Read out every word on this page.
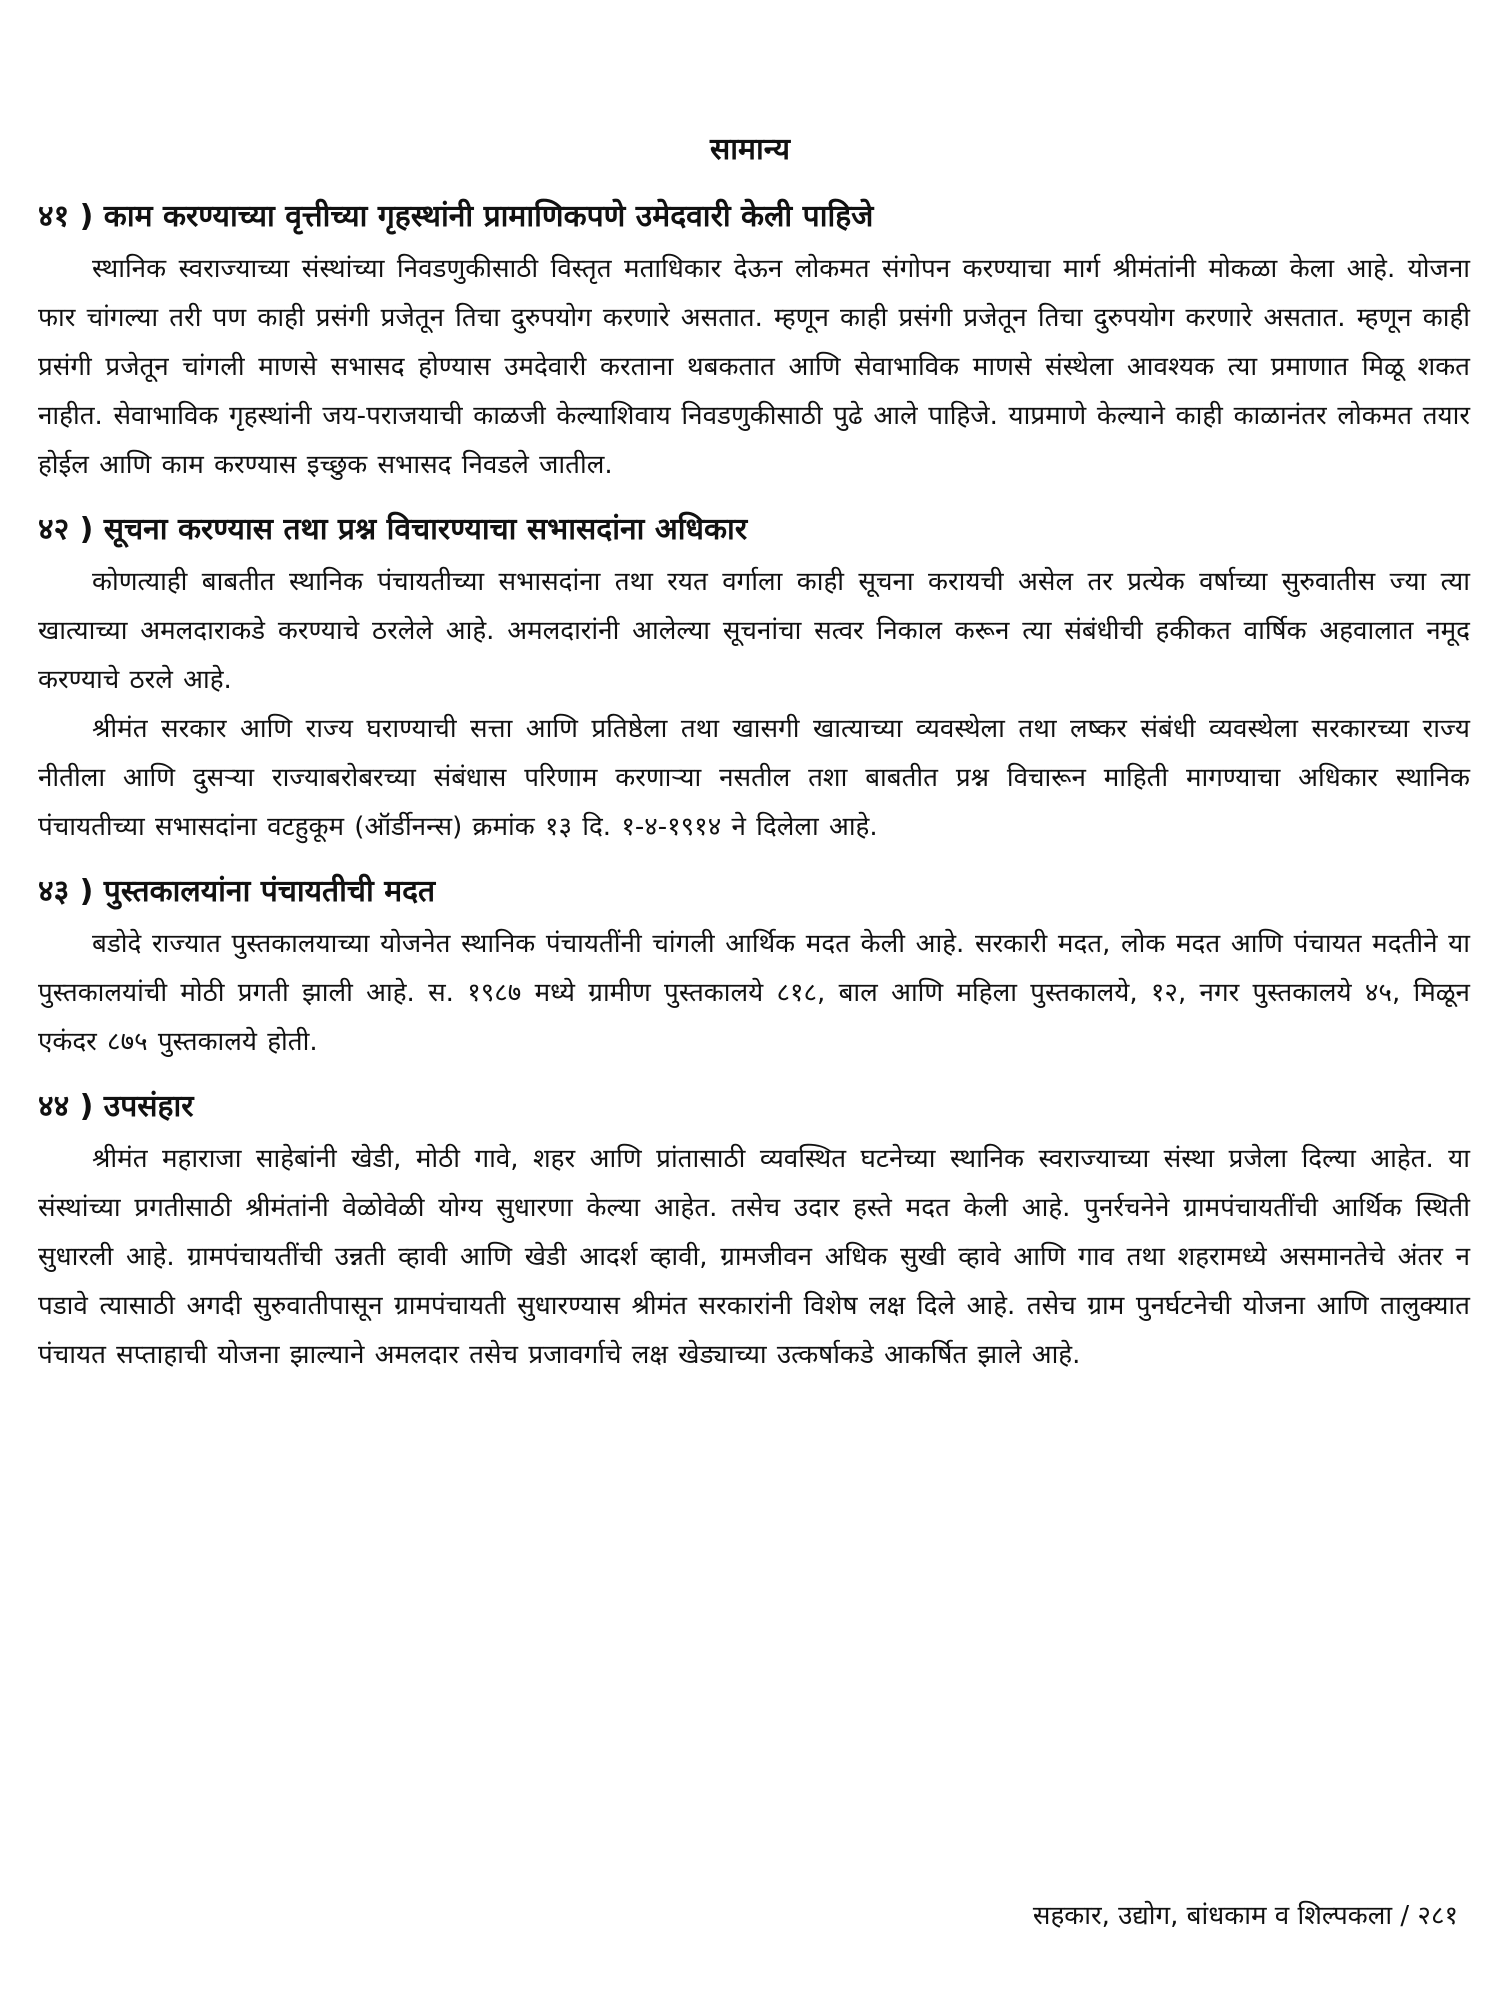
सामान्य
४१ ) काम करण्याच्या वृत्तीच्या गृहस्थांनी प्रामाणिकपणे उमेदवारी केली पाहिजे

स्थानिक स्वराज्याच्या संस्थांच्या निवडणुकीसाठी विस्तृत मताधिकार देऊन लोकमत संगोपन करण्याचा मार्ग श्रीमंतांनी मोकळा केला आहे. योजना फार चांगल्या तरी पण काही प्रसंगी प्रजेतून तिचा दुरुपयोग करणारे असतात. म्हणून काही प्रसंगी प्रजेतून तिचा दुरुपयोग करणारे असतात. म्हणून काही प्रसंगी प्रजेतून चांगली माणसे सभासद होण्यास उमदेवारी करताना थबकतात आणि सेवाभाविक माणसे संस्थेला आवश्यक त्या प्रमाणात मिळू शकत नाहीत. सेवाभाविक गृहस्थांनी जय-पराजयाची काळजी केल्याशिवाय निवडणुकीसाठी पुढे आले पाहिजे. याप्रमाणे केल्याने काही काळानंतर लोकमत तयार होईल आणि काम करण्यास इच्छुक सभासद निवडले जातील.

४२ ) सूचना करण्यास तथा प्रश्न विचारण्याचा सभासदांना अधिकार

कोणत्याही बाबतीत स्थानिक पंचायतीच्या सभासदांना तथा रयत वर्गाला काही सूचना करायची असेल तर प्रत्येक वर्षाच्या सुरुवातीस ज्या त्या खात्याच्या अमलदाराकडे करण्याचे ठरलेले आहे. अमलदारांनी आलेल्या सूचनांचा सत्वर निकाल करून त्या संबंधीची हकीकत वार्षिक अहवालात नमूद करण्याचे ठरले आहे.

श्रीमंत सरकार आणि राज्य घराण्याची सत्ता आणि प्रतिष्ठेला तथा खासगी खात्याच्या व्यवस्थेला तथा लष्कर संबंधी व्यवस्थेला सरकारच्या राज्य नीतीला आणि दुसऱ्या राज्याबरोबरच्या संबंधास परिणाम करणाऱ्या नसतील तशा बाबतीत प्रश्न विचारून माहिती मागण्याचा अधिकार स्थानिक पंचायतीच्या सभासदांना वटहुकूम (ऑर्डीनन्स) क्रमांक १३ दि. १-४-१९१४ ने दिलेला आहे.

४३ ) पुस्तकालयांना पंचायतीची मदत

बडोदे राज्यात पुस्तकालयाच्या योजनेत स्थानिक पंचायतींनी चांगली आर्थिक मदत केली आहे. सरकारी मदत, लोक मदत आणि पंचायत मदतीने या पुस्तकालयांची मोठी प्रगती झाली आहे. स. १९८७ मध्ये ग्रामीण पुस्तकालये ८१८, बाल आणि महिला पुस्तकालये, १२, नगर पुस्तकालये ४५, मिळून एकंदर ८७५ पुस्तकालये होती.

४४ ) उपसंहार

श्रीमंत महाराजा साहेबांनी खेडी, मोठी गावे, शहर आणि प्रांतासाठी व्यवस्थित घटनेच्या स्थानिक स्वराज्याच्या संस्था प्रजेला दिल्या आहेत. या संस्थांच्या प्रगतीसाठी श्रीमंतांनी वेळोवेळी योग्य सुधारणा केल्या आहेत. तसेच उदार हस्ते मदत केली आहे. पुनर्रचनेने ग्रामपंचायतींची आर्थिक स्थिती सुधारली आहे. ग्रामपंचायतींची उन्नती व्हावी आणि खेडी आदर्श व्हावी, ग्रामजीवन अधिक सुखी व्हावे आणि गाव तथा शहरामध्ये असमानतेचे अंतर न पडावे त्यासाठी अगदी सुरुवातीपासून ग्रामपंचायती सुधारण्यास श्रीमंत सरकारांनी विशेष लक्ष दिले आहे. तसेच ग्राम पुनर्घटनेची योजना आणि तालुक्यात पंचायत सप्ताहाची योजना झाल्याने अमलदार तसेच प्रजावर्गाचे लक्ष खेड्याच्या उत्कर्षाकडे आकर्षित झाले आहे.

सहकार, उद्योग, बांधकाम व शिल्पकला / २८१
